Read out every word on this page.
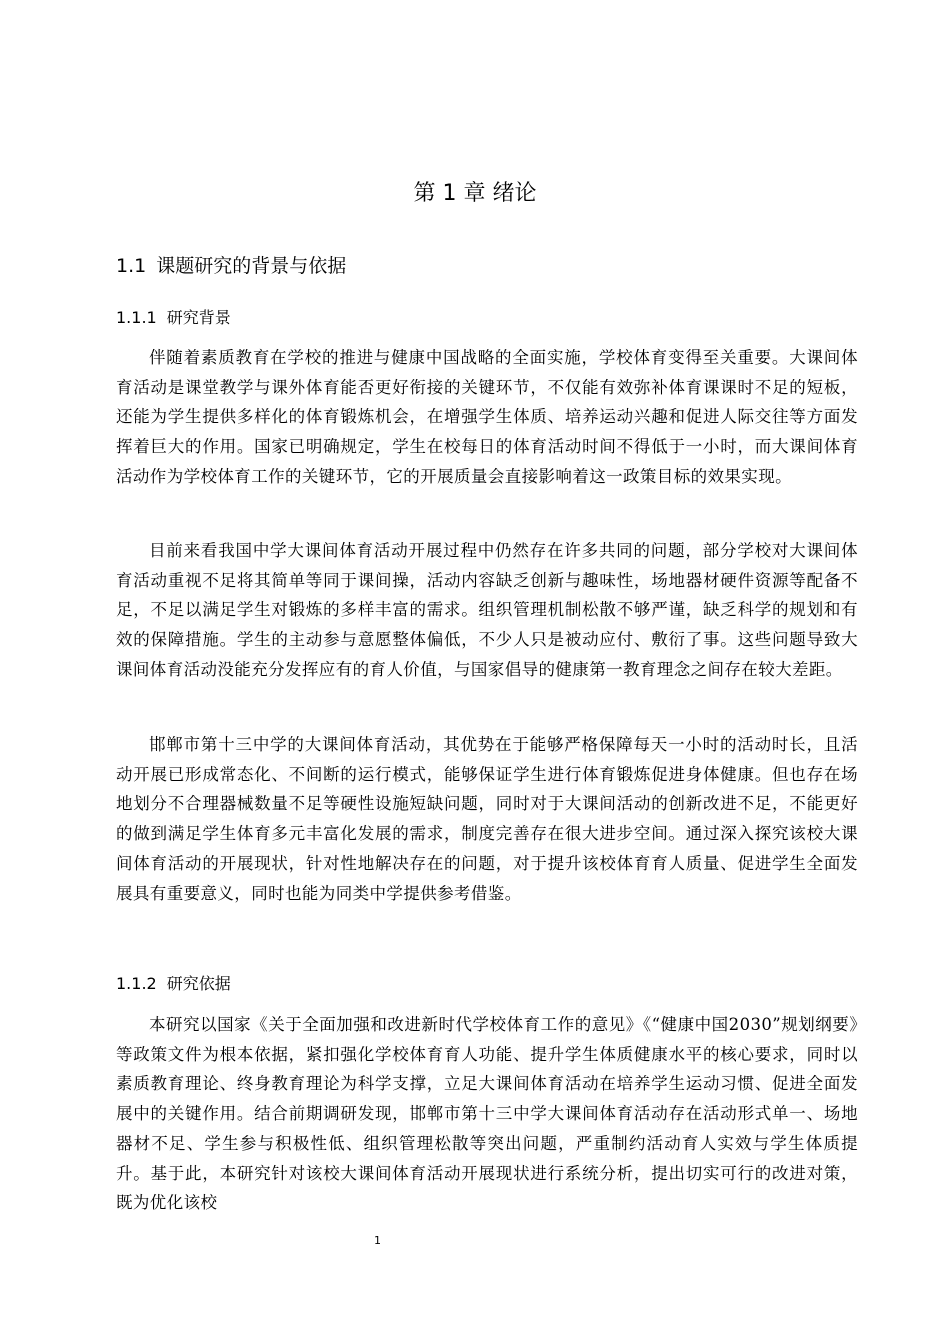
第 1 章 绪论
1.1 课题研究的背景与依据
1.1.1 研究背景

伴随着素质教育在学校的推进与健康中国战略的全面实施，学校体育变得至关重要。大课间体育活动是课堂教学与课外体育能否更好衔接的关键环节，不仅能有效弥补体育课课时不足的短板，还能为学生提供多样化的体育锻炼机会，在增强学生体质、培养运动兴趣和促进人际交往等方面发挥着巨大的作用。国家已明确规定，学生在校每日的体育活动时间不得低于一小时，而大课间体育活动作为学校体育工作的关键环节，它的开展质量会直接影响着这一政策目标的效果实现。

目前来看我国中学大课间体育活动开展过程中仍然存在许多共同的问题，部分学校对大课间体育活动重视不足将其简单等同于课间操，活动内容缺乏创新与趣味性，场地器材硬件资源等配备不足，不足以满足学生对锻炼的多样丰富的需求。组织管理机制松散不够严谨，缺乏科学的规划和有效的保障措施。学生的主动参与意愿整体偏低，不少人只是被动应付、敷衍了事。这些问题导致大课间体育活动没能充分发挥应有的育人价值，与国家倡导的健康第一教育理念之间存在较大差距。

邯郸市第十三中学的大课间体育活动，其优势在于能够严格保障每天一小时的活动时长，且活动开展已形成常态化、不间断的运行模式，能够保证学生进行体育锻炼促进身体健康。但也存在场地划分不合理器械数量不足等硬性设施短缺问题，同时对于大课间活动的创新改进不足，不能更好的做到满足学生体育多元丰富化发展的需求，制度完善存在很大进步空间。通过深入探究该校大课间体育活动的开展现状，针对性地解决存在的问题，对于提升该校体育育人质量、促进学生全面发展具有重要意义，同时也能为同类中学提供参考借鉴。

1.1.2 研究依据

本研究以国家《关于全面加强和改进新时代学校体育工作的意见》《“健康中国2030”规划纲要》等政策文件为根本依据，紧扣强化学校体育育人功能、提升学生体质健康水平的核心要求，同时以素质教育理论、终身教育理论为科学支撑，立足大课间体育活动在培养学生运动习惯、促进全面发展中的关键作用。结合前期调研发现，邯郸市第十三中学大课间体育活动存在活动形式单一、场地器材不足、学生参与积极性低、组织管理松散等突出问题，严重制约活动育人实效与学生体质提升。基于此，本研究针对该校大课间体育活动开展现状进行系统分析，提出切实可行的改进对策，既为优化该校

1
